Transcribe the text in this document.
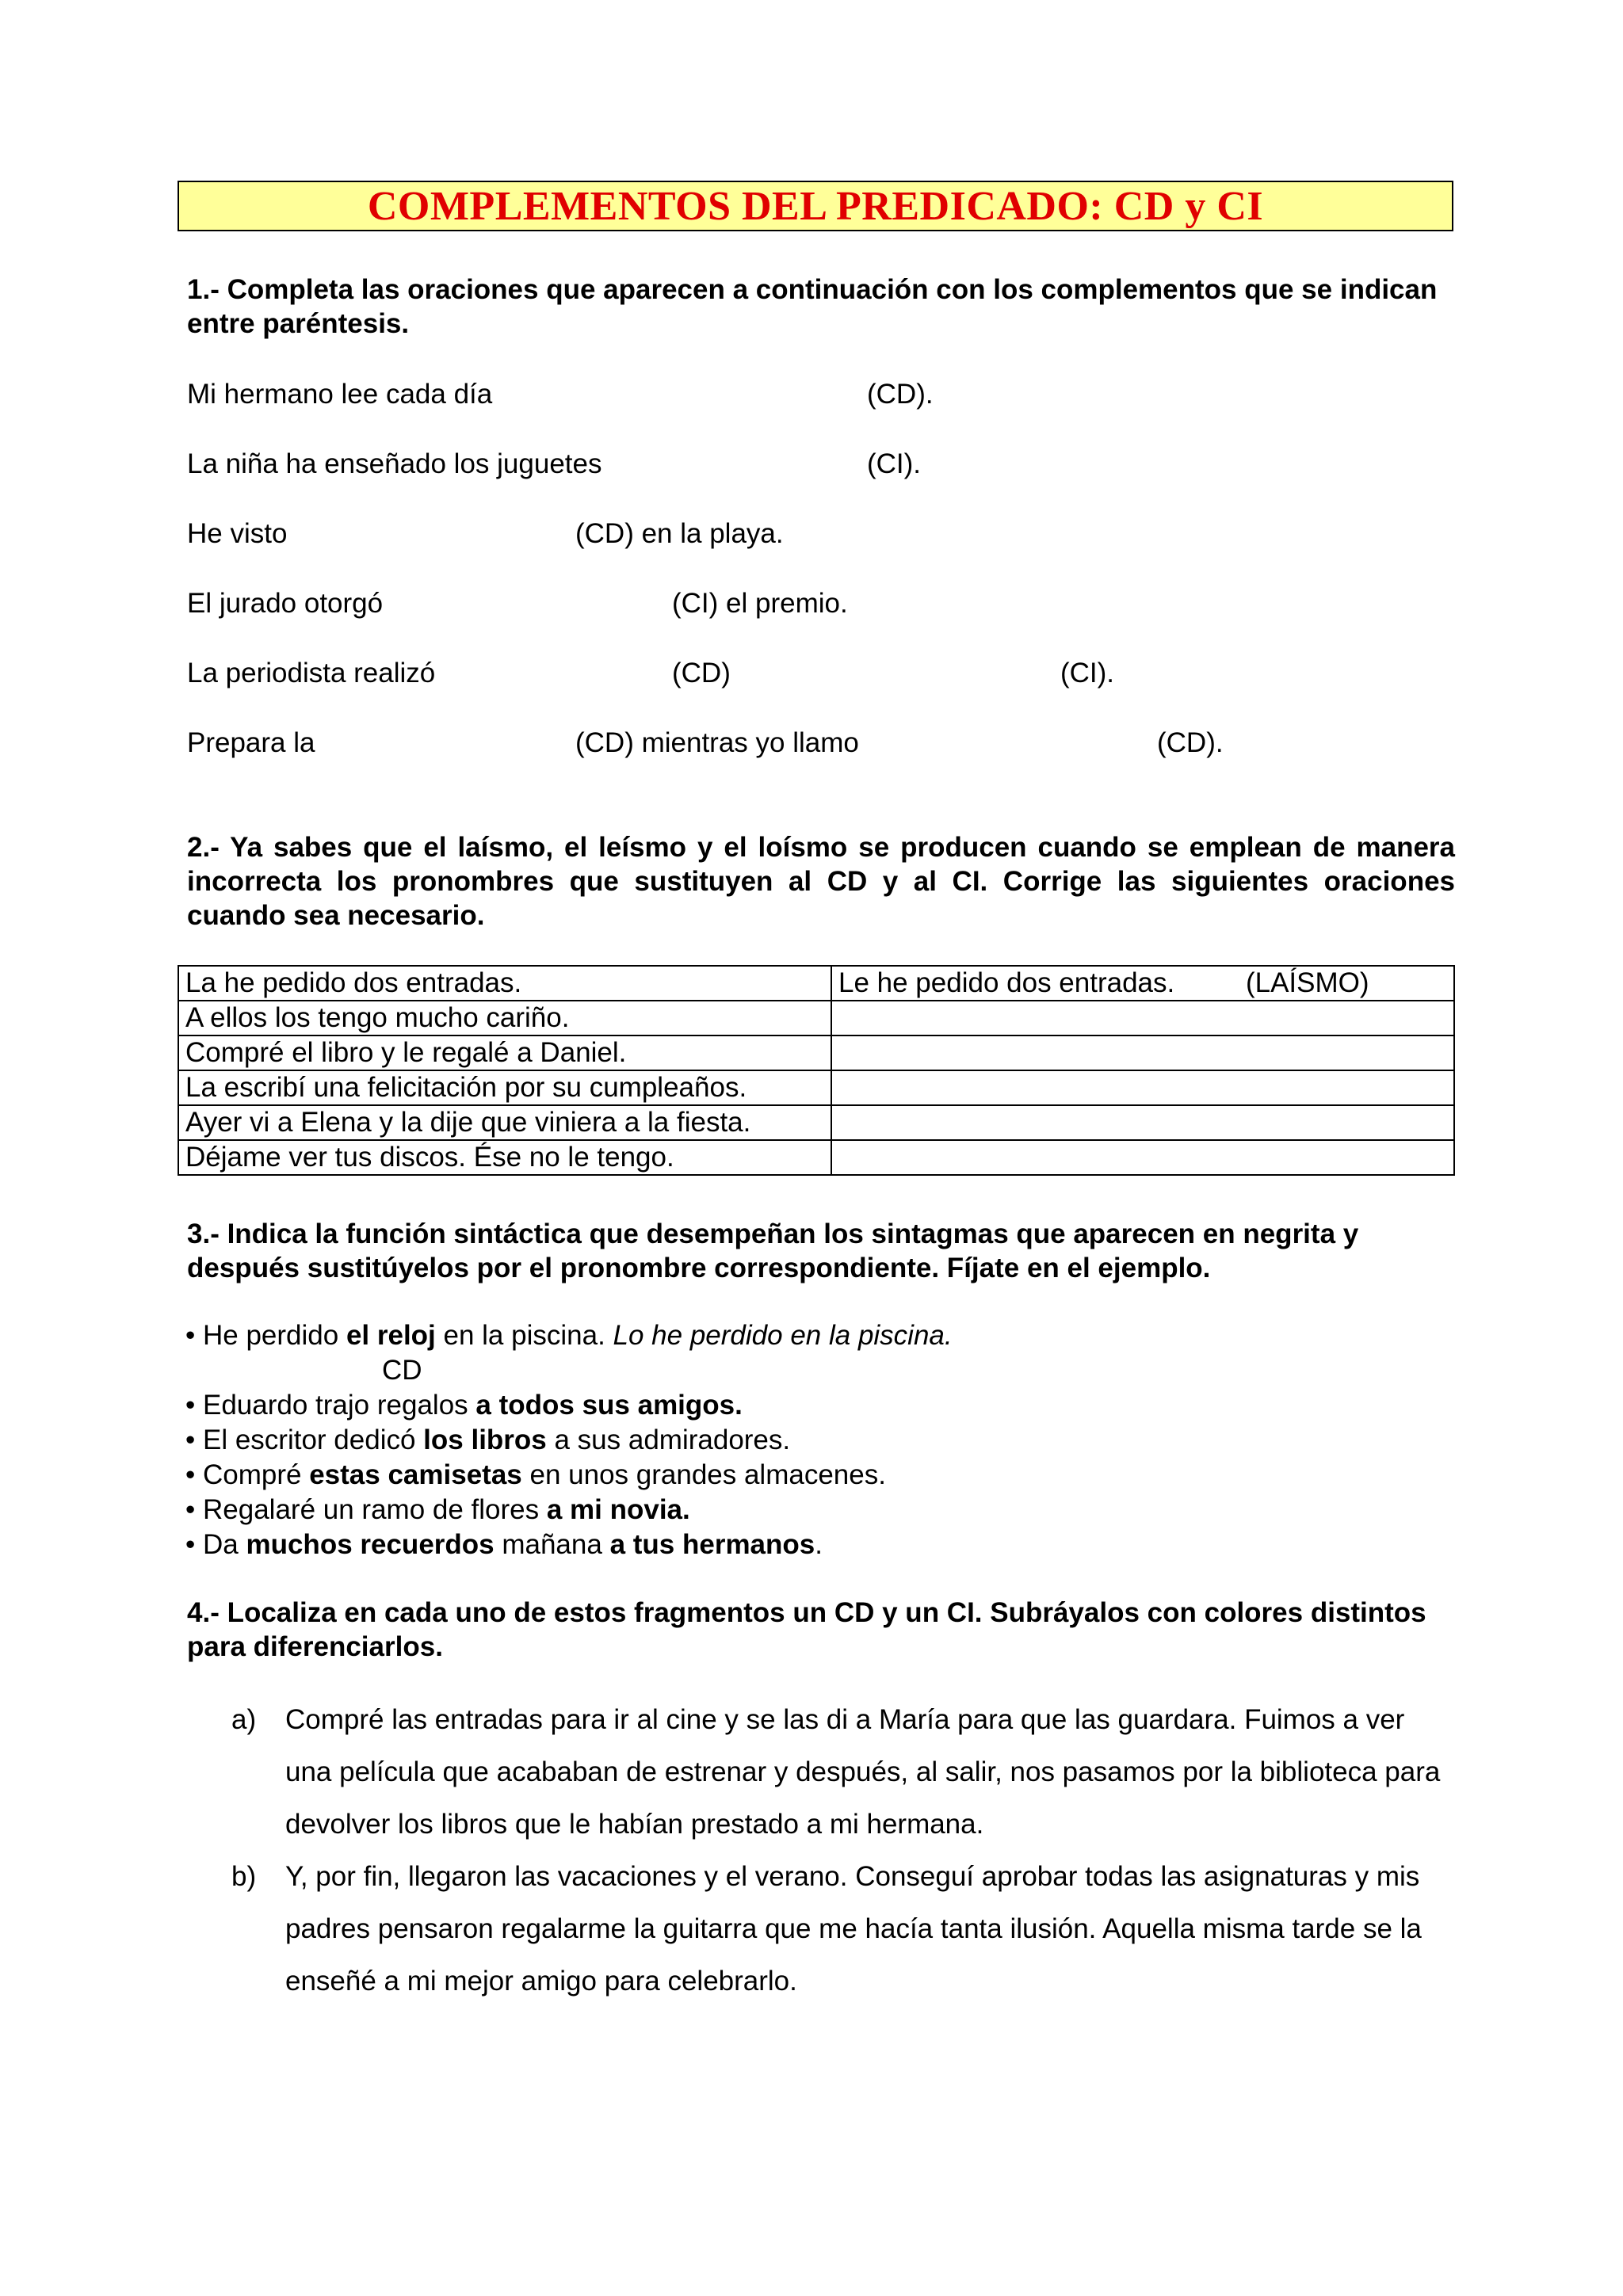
COMPLEMENTOS DEL PREDICADO: CD y CI
1.- Completa las oraciones que aparecen a continuación con los complementos que se indican entre paréntesis.
Mi hermano lee cada día	(CD).
La niña ha enseñado los juguetes	(CI).
He visto	(CD) en la playa.
El jurado otorgó	(CI) el premio.
La periodista realizó	(CD)	(CI).
Prepara la	(CD) mientras yo llamo	(CD).
2.- Ya sabes que el laísmo, el leísmo y el loísmo se producen cuando se emplean de manera incorrecta los pronombres que sustituyen al CD y al CI. Corrige las siguientes oraciones cuando sea necesario.
La he pedido dos entradas.	Le he pedido dos entradas. (LAÍSMO)
A ellos los tengo mucho cariño.	
Compré el libro y le regalé a Daniel.	
La escribí una felicitación por su cumpleaños.	
Ayer vi a Elena y la dije que viniera a la fiesta.	
Déjame ver tus discos. Ése no le tengo.	
3.- Indica la función sintáctica que desempeñan los sintagmas que aparecen en negrita y después sustitúyelos por el pronombre correspondiente. Fíjate en el ejemplo.
• He perdido el reloj en la piscina. Lo he perdido en la piscina.
CD
• Eduardo trajo regalos a todos sus amigos.
• El escritor dedicó los libros a sus admiradores.
• Compré estas camisetas en unos grandes almacenes.
• Regalaré un ramo de flores a mi novia.
• Da muchos recuerdos mañana a tus hermanos.
4.- Localiza en cada uno de estos fragmentos un CD y un CI. Subráyalos con colores distintos para diferenciarlos.
a)	Compré las entradas para ir al cine y se las di a María para que las guardara. Fuimos a ver una película que acababan de estrenar y después, al salir, nos pasamos por la biblioteca para devolver los libros que le habían prestado a mi hermana.
b)	Y, por fin, llegaron las vacaciones y el verano. Conseguí aprobar todas las asignaturas y mis padres pensaron regalarme la guitarra que me hacía tanta ilusión. Aquella misma tarde se la enseñé a mi mejor amigo para celebrarlo.
